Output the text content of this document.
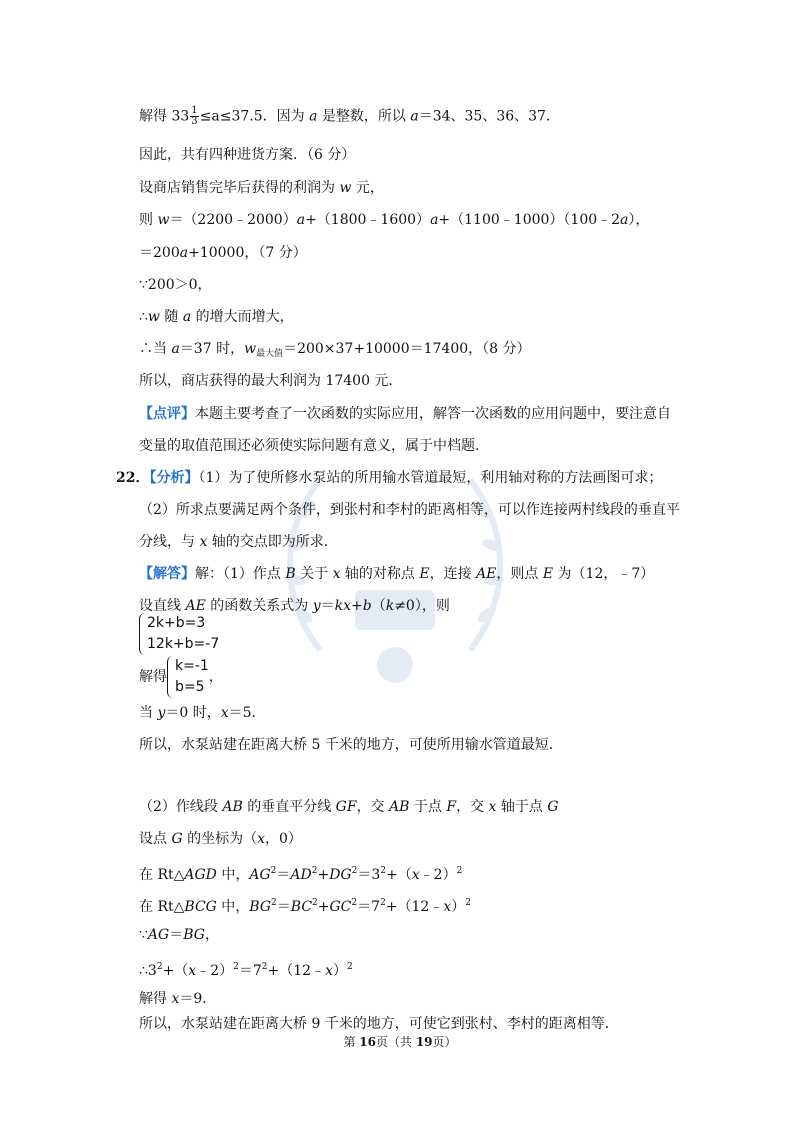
解得 $33 \frac{1}{3} \le a\le 37.5$．因为 a 是整数，所以 a＝34、35、36、37．
因此，共有四种进货方案．（6 分）
设商店销售完毕后获得的利润为 w 元，
则 w＝（2200﹣2000）a+（1800﹣1600）a+（1100﹣1000）（100﹣2a），
＝200a+10000，（7 分）
∵200＞0，
∴w 随 a 的增大而增大，
∴当 a＝37 时，$w_{最大值}=200\times 37+10000=17400$，（8 分）
所以，商店获得的最大利润为 17400 元．
【点评】本题主要考查了一次函数的实际应用，解答一次函数的应用问题中，要注意自
变量的取值范围还必须使实际问题有意义，属于中档题．
22．【分析】（1）为了使所修水泵站的所用输水管道最短，利用轴对称的方法画图可求；
（2）所求点要满足两个条件，到张村和李村的距离相等，可以作连接两村线段的垂直平
分线，与 x 轴的交点即为所求．
【解答】解：（1）作点 B 关于 x 轴的对称点 E，连接 AE，则点 E 为（12，﹣7）
设直线 AE 的函数关系式为 y＝kx+b（k≠0），则
2k+b=3
12k+b=-7
解得
k=-1
b=5
，
当 y＝0 时，x＝5．
所以，水泵站建在距离大桥 5 千米的地方，可使所用输水管道最短．
（2）作线段 AB 的垂直平分线 GF，交 AB 于点 F，交 x 轴于点 G
设点 G 的坐标为（x，0）
在 Rt△AGD 中，$AG^2=AD^2+DG^2=3^2+(x﹣2)^2$
在 Rt△BCG 中，$BG^2=BC^2+GC^2=7^2+(12﹣x)^2$
∵AG＝BG，
$\therefore 3^2+(x﹣2)^2=7^2+(12﹣x)^2$
解得 x＝9．
所以，水泵站建在距离大桥 9 千米的地方，可使它到张村、李村的距离相等．
第 16页（共 19页）
